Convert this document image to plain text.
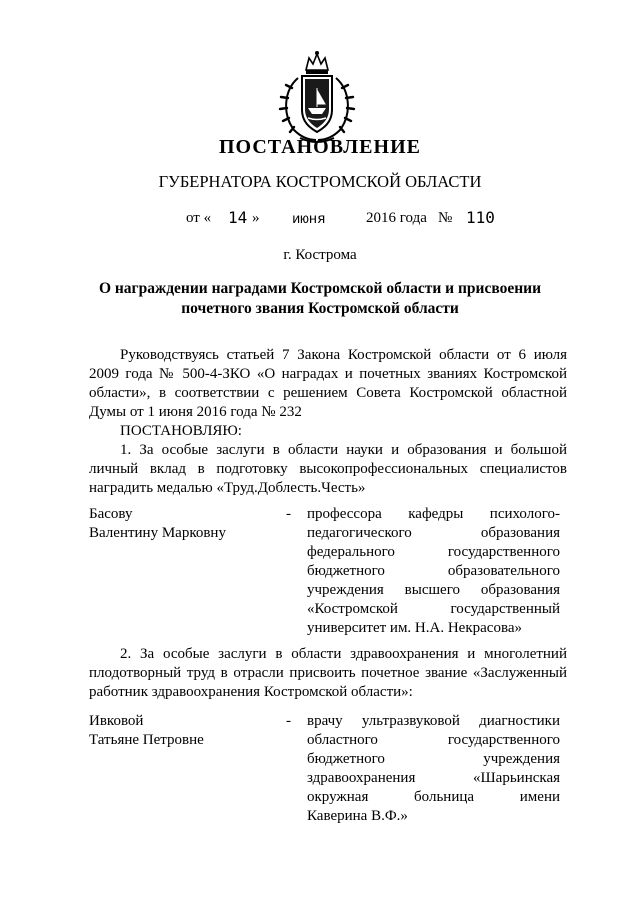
ПОСТАНОВЛЕНИЕ
ГУБЕРНАТОРА КОСТРОМСКОЙ ОБЛАСТИ
от « 14 » июня	2016 года № 110
г. Кострома
О награждении наградами Костромской области и присвоении
почетного звания Костромской области
Руководствуясь статьей 7 Закона Костромской области от 6 июля
2009 года № 500-4-ЗКО «О наградах и почетных званиях Костромской
области», в соответствии с решением Совета Костромской областной
Думы от 1 июня 2016 года № 232
ПОСТАНОВЛЯЮ:
1. За особые заслуги в области науки и образования и большой
личный вклад в подготовку высокопрофессиональных специалистов
наградить медалью «Труд.Доблесть.Честь»
Басову
Валентину Марковну
- профессора кафедры психолого-
педагогического образования
федерального государственного
бюджетного образовательного
учреждения высшего образования
«Костромской государственный
университет им. Н.А. Некрасова»
2. За особые заслуги в области здравоохранения и многолетний
плодотворный труд в отрасли присвоить почетное звание «Заслуженный
работник здравоохранения Костромской области»:
Ивковой
Татьяне Петровне
- врачу ультразвуковой диагностики
областного государственного
бюджетного учреждения
здравоохранения «Шарьинская
окружная больница имени
Каверина В.Ф.»
